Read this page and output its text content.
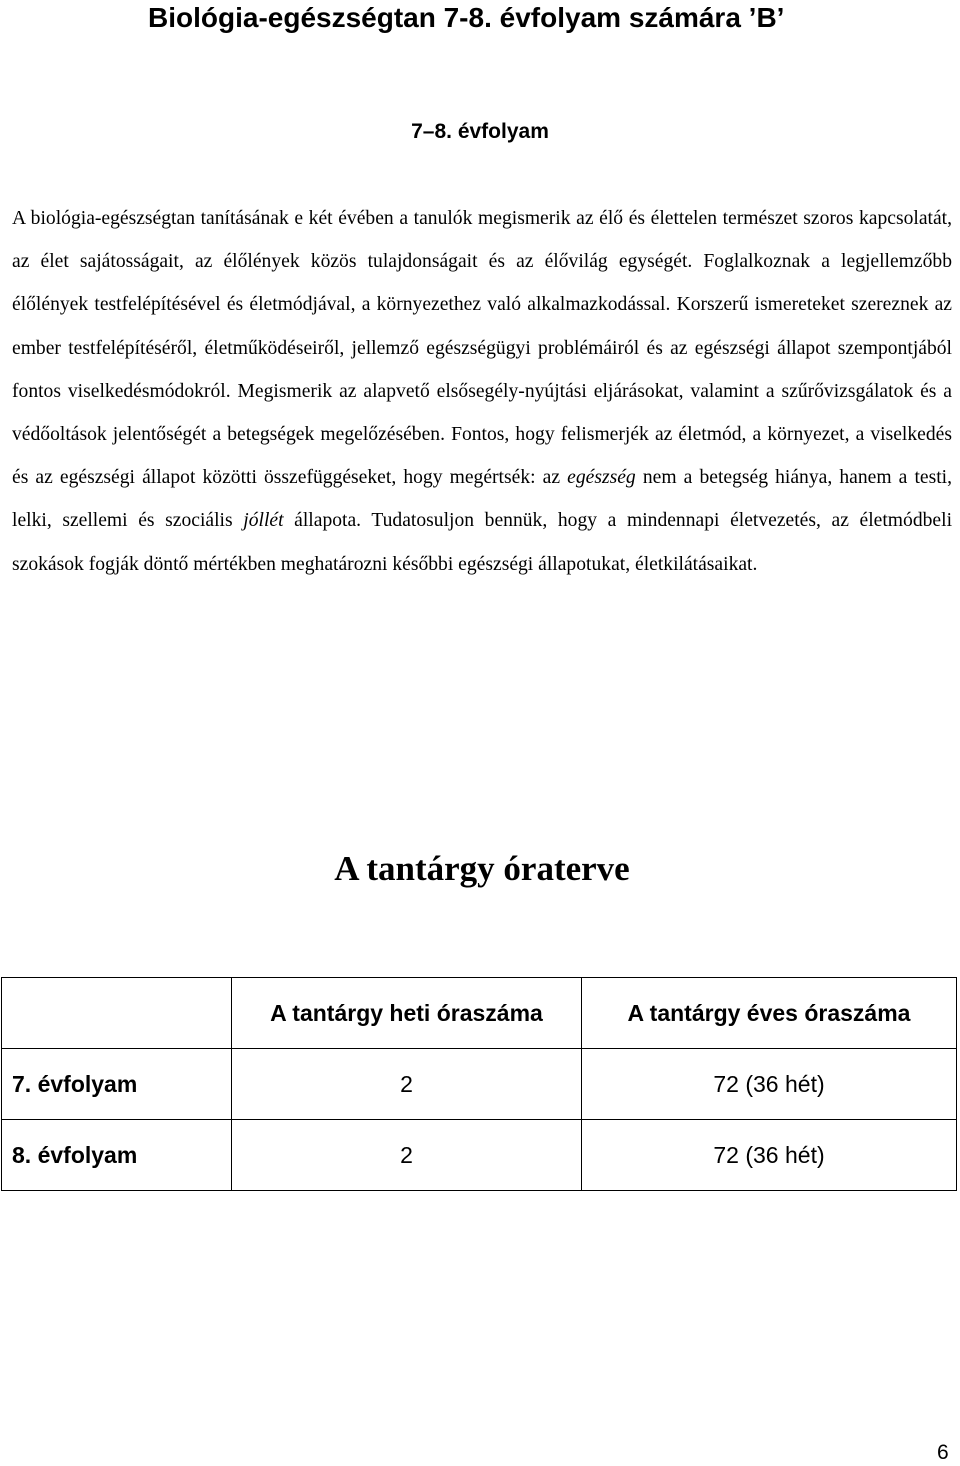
Biológia-egészségtan 7-8. évfolyam számára ’B’
7–8. évfolyam

A biológia-egészségtan tanításának e két évében a tanulók megismerik az élő és élettelen természet szoros kapcsolatát, az élet sajátosságait, az élőlények közös tulajdonságait és az élővilág egységét. Foglalkoznak a legjellemzőbb élőlények testfelépítésével és életmódjával, a környezethez való alkalmazkodással. Korszerű ismereteket szereznek az ember testfelépítéséről, életműködéseiről, jellemző egészségügyi problémáiról és az egészségi állapot szempontjából fontos viselkedésmódokról. Megismerik az alapvető elsősegély-nyújtási eljárásokat, valamint a szűrővizsgálatok és a védőoltások jelentőségét a betegségek megelőzésében. Fontos, hogy felismerjék az életmód, a környezet, a viselkedés és az egészségi állapot közötti összefüggéseket, hogy megértsék: az egészség nem a betegség hiánya, hanem a testi, lelki, szellemi és szociális jóllét állapota. Tudatosuljon bennük, hogy a mindennapi életvezetés, az életmódbeli szokások fogják döntő mértékben meghatározni későbbi egészségi állapotukat, életkilátásaikat.

A tantárgy óraterve
	A tantárgy heti óraszáma	A tantárgy éves óraszáma
7. évfolyam	2	72 (36 hét)
8. évfolyam	2	72 (36 hét)
6
